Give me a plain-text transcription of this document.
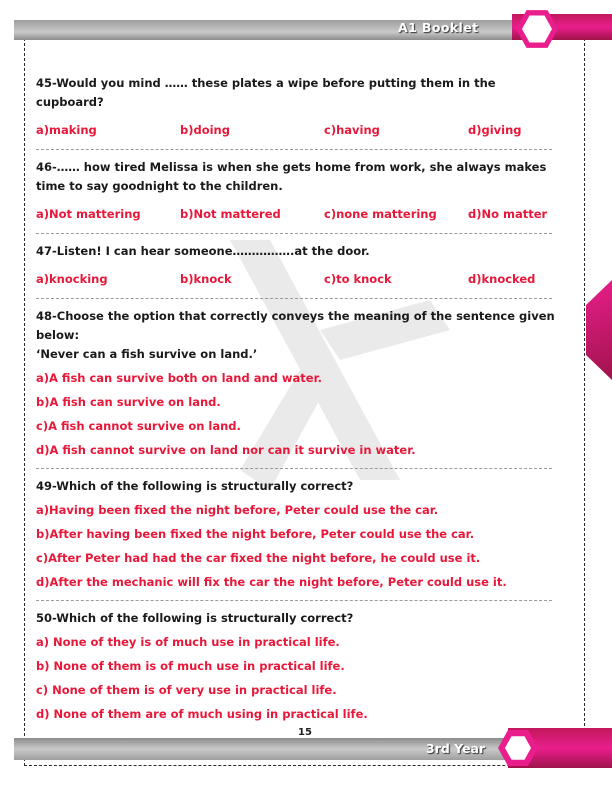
A1 Booklet

45-Would you mind …… these plates a wipe before putting them in the cupboard?

a)making	b)doing	c)having	d)giving

46-…… how tired Melissa is when she gets home from work, she always makes time to say goodnight to the children.

a)Not mattering	b)Not mattered	c)none mattering	d)No matter

47-Listen! I can hear someone…………….at the door.

a)knocking	b)knock	c)to knock	d)knocked

48-Choose the option that correctly conveys the meaning of the sentence given below:

‘Never can a fish survive on land.’

a)A fish can survive both on land and water.
b)A fish can survive on land.
c)A fish cannot survive on land.
d)A fish cannot survive on land nor can it survive in water.

49-Which of the following is structurally correct?

a)Having been fixed the night before, Peter could use the car.
b)After having been fixed the night before, Peter could use the car.
c)After Peter had had the car fixed the night before, he could use it.
d)After the mechanic will fix the car the night before, Peter could use it.

50-Which of the following is structurally correct?

a) None of they is of much use in practical life.
b) None of them is of much use in practical life.
c) None of them is of very use in practical life.
d) None of them are of much using in practical life.
15
3rd Year
